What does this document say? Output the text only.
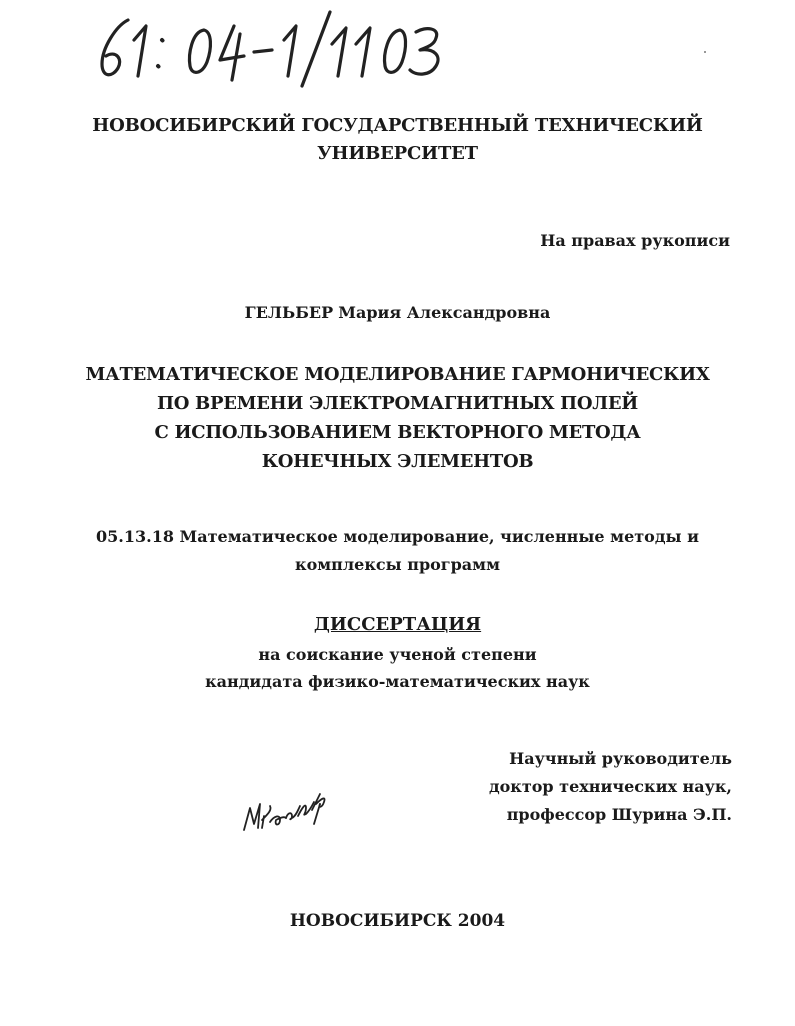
НОВОСИБИРСКИЙ ГОСУДАРСТВЕННЫЙ ТЕХНИЧЕСКИЙ
УНИВЕРСИТЕТ
На правах рукописи
ГЕЛЬБЕР Мария Александровна
МАТЕМАТИЧЕСКОЕ МОДЕЛИРОВАНИЕ ГАРМОНИЧЕСКИХ
ПО ВРЕМЕНИ ЭЛЕКТРОМАГНИТНЫХ ПОЛЕЙ
С ИСПОЛЬЗОВАНИЕМ ВЕКТОРНОГО МЕТОДА
КОНЕЧНЫХ ЭЛЕМЕНТОВ
05.13.18 Математическое моделирование, численные методы и
комплексы программ
ДИССЕРТАЦИЯ
на соискание ученой степени
кандидата физико-математических наук
Научный руководитель
доктор технических наук,
профессор Шурина Э.П.
НОВОСИБИРСК 2004
